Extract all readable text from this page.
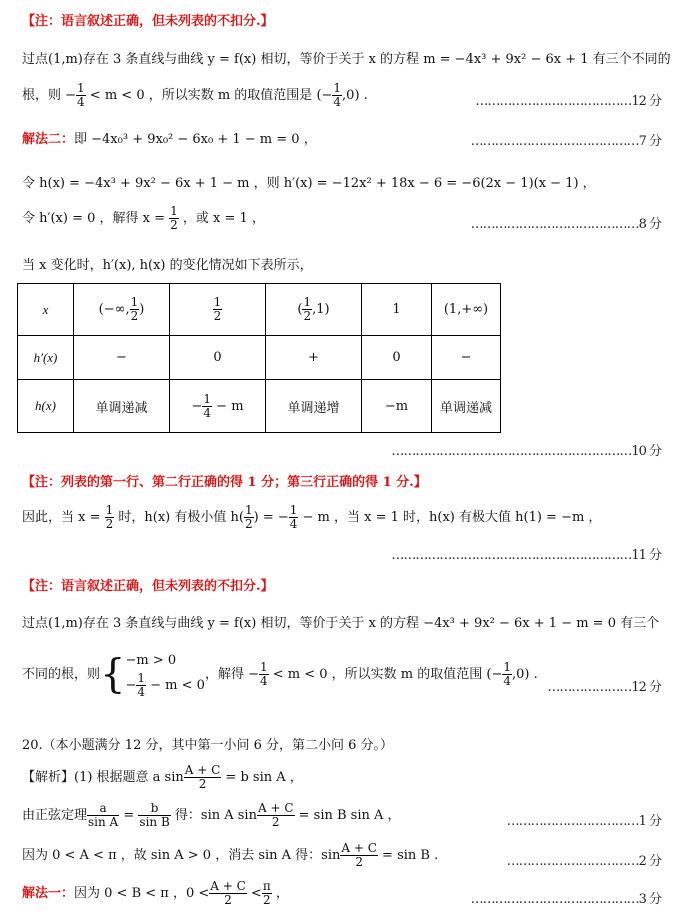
【注：语言叙述正确，但未列表的不扣分.】
过点(1,m)存在 3 条直线与曲线 y = f(x) 相切，等价于关于 x 的方程 m = −4x³ + 9x² − 6x + 1 有三个不同的
根，则 − $\frac{1}{4} < m < 0$ ，所以实数 m 的取值范围是 (− $\frac{1}{4} ,0$) .	…………………………………12 分
解法二：即 −4x₀³ + 9x₀² − 6x₀ + 1 − m = 0 ，	……………………………………7 分
令 h(x) = −4x³ + 9x² − 6x + 1 − m ，则 h′(x) = −12x² + 18x − 6 = −6(2x − 1)(x − 1) ，
令 h′(x) = 0 ，解得 $x = \frac{1}{2}$ ，或 x = 1 ，	……………………………………8 分
当 x 变化时，h′(x), h(x) 的变化情况如下表所示，
x	(−∞, $\frac{1}{2}$ )	$\frac{1}{2}$	( $\frac{1}{2} ,1$)	1	(1,+∞)
h′(x)	−	0	+	0	−
h(x)	单调递减	− $\frac{1}{4} - m$	单调递增	−m	单调递减
……………………………………………………10 分
【注：列表的第一行、第二行正确的得 1 分；第三行正确的得 1 分.】
因此，当 $x = \frac{1}{2}$ 时，h(x) 有极小值 $h( \frac{1}{2}$ ) = − $\frac{1}{4} - m$ ，当 x = 1 时，h(x) 有极大值 h(1) = −m ，
……………………………………………………11 分
【注：语言叙述正确，但未列表的不扣分.】
过点(1,m)存在 3 条直线与曲线 y = f(x) 相切，等价于关于 x 的方程 −4x³ + 9x² − 6x + 1 − m = 0 有三个
不同的根，则{ −m > 0
− $\frac{1}{4} - m < 0$
，解得 − $\frac{1}{4} < m < 0$ ，所以实数 m 的取值范围 (− $\frac{1}{4} ,0$) .
…………………12 分
20.（本小题满分 12 分，其中第一小问 6 分，第二小问 6 分。）
【解析】(1) 根据题意 a $\sin \frac{A + C}{2} = b$ sin A ，
由正弦定理 $\frac{a}{\text{sin A}} = \frac{b}{\text{sin B}}$ 得：sin A $\sin \frac{A + C}{2} = \sin B$ sin A ，	……………………………1 分
因为 0 < A < π ，故 sin A > 0 ，消去 sin A 得：$\sin \frac{A + C}{2} = \sin B$ .	……………………………2 分
解法一：因为 0 < B < π ，$0 < \frac{A + C}{2} < \frac{\pi}{2}$ ，	……………………………………3 分
